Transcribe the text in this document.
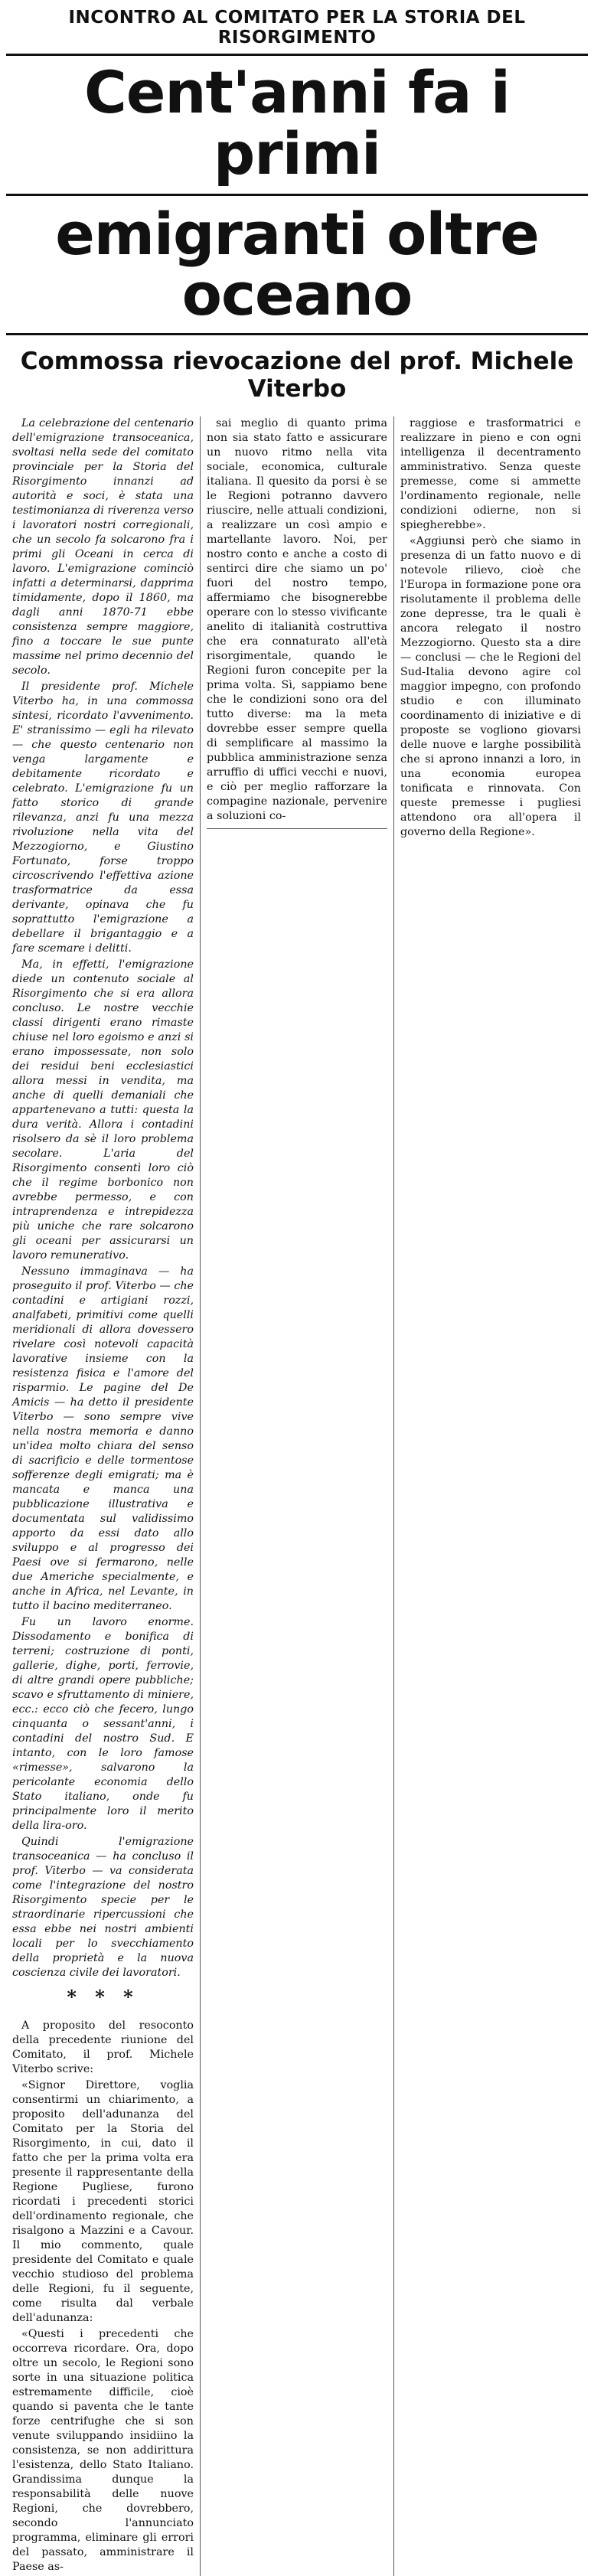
INCONTRO AL COMITATO PER LA STORIA DEL RISORGIMENTO
Cent'anni fa i primi
emigranti oltre oceano
Commossa rievocazione del prof. Michele Viterbo

La celebrazione del centenario dell'emigrazione transoceanica, svoltasi nella sede del comitato provinciale per la Storia del Risorgimento innanzi ad autorità e soci, è stata una testimonianza di riverenza verso i lavoratori nostri corregionali, che un secolo fa solcarono fra i primi gli Oceani in cerca di lavoro. L'emigrazione cominciò infatti a determinarsi, dapprima timidamente, dopo il 1860, ma dagli anni 1870-71 ebbe consistenza sempre maggiore, fino a toccare le sue punte massime nel primo decennio del secolo.

Il presidente prof. Michele Viterbo ha, in una commossa sintesi, ricordato l'avvenimento. E' stranissimo — egli ha rilevato — che questo centenario non venga largamente e debitamente ricordato e celebrato. L'emigrazione fu un fatto storico di grande rilevanza, anzi fu una mezza rivoluzione nella vita del Mezzogiorno, e Giustino Fortunato, forse troppo circoscrivendo l'effettiva azione trasformatrice da essa derivante, opinava che fu soprattutto l'emigrazione a debellare il brigantaggio e a fare scemare i delitti.

Ma, in effetti, l'emigrazione diede un contenuto sociale al Risorgimento che si era allora concluso. Le nostre vecchie classi dirigenti erano rimaste chiuse nel loro egoismo e anzi si erano impossessate, non solo dei residui beni ecclesiastici allora messi in vendita, ma anche di quelli demaniali che appartenevano a tutti: questa la dura verità. Allora i contadini risolsero da sè il loro problema secolare. L'aria del Risorgimento consentì loro ciò che il regime borbonico non avrebbe permesso, e con intraprendenza e intrepidezza più uniche che rare solcarono gli oceani per assicurarsi un lavoro remunerativo.

Nessuno immaginava — ha proseguito il prof. Viterbo — che contadini e artigiani rozzi, analfabeti, primitivi come quelli meridionali di allora dovessero rivelare così notevoli capacità lavorative insieme con la resistenza fisica e l'amore del risparmio. Le pagine del De Amicis — ha detto il presidente Viterbo — sono sempre vive nella nostra memoria e danno un'idea molto chiara del senso di sacrificio e delle tormentose sofferenze degli emigrati; ma è mancata e manca una pubblicazione illustrativa e documentata sul validissimo apporto da essi dato allo sviluppo e al progresso dei Paesi ove si fermarono, nelle due Americhe specialmente, e anche in Africa, nel Levante, in tutto il bacino mediterraneo.

Fu un lavoro enorme. Dissodamento e bonifica di terreni; costruzione di ponti, gallerie, dighe, porti, ferrovie, di altre grandi opere pubbliche; scavo e sfruttamento di miniere, ecc.: ecco ciò che fecero, lungo cinquanta o sessant'anni, i contadini del nostro Sud. E intanto, con le loro famose «rimesse», salvarono la pericolante economia dello Stato italiano, onde fu principalmente loro il merito della lira-oro.

Quindi l'emigrazione transoceanica — ha concluso il prof. Viterbo — va considerata come l'integrazione del nostro Risorgimento specie per le straordinarie ripercussioni che essa ebbe nei nostri ambienti locali per lo svecchiamento della proprietà e la nuova coscienza civile dei lavoratori.

* * *

A proposito del resoconto della precedente riunione del Comitato, il prof. Michele Viterbo scrive:

«Signor Direttore, voglia consentirmi un chiarimento, a proposito dell'adunanza del Comitato per la Storia del Risorgimento, in cui, dato il fatto che per la prima volta era presente il rappresentante della Regione Pugliese, furono ricordati i precedenti storici dell'ordinamento regionale, che risalgono a Mazzini e a Cavour. Il mio commento, quale presidente del Comitato e quale vecchio studioso del problema delle Regioni, fu il seguente, come risulta dal verbale dell'adunanza:

«Questi i precedenti che occorreva ricordare. Ora, dopo oltre un secolo, le Regioni sono sorte in una situazione politica estremamente difficile, cioè quando si paventa che le tante forze centrifughe che si son venute sviluppando insidiino la consistenza, se non addirittura l'esistenza, dello Stato Italiano. Grandissima dunque la responsabilità delle nuove Regioni, che dovrebbero, secondo l'annunciato programma, eliminare gli errori del passato, amministrare il Paese as-

sai meglio di quanto prima non sia stato fatto e assicurare un nuovo ritmo nella vita sociale, economica, culturale italiana. Il quesito da porsi è se le Regioni potranno davvero riuscire, nelle attuali condizioni, a realizzare un così ampio e martellante lavoro. Noi, per nostro conto e anche a costo di sentirci dire che siamo un po' fuori del nostro tempo, affermiamo che bisognerebbe operare con lo stesso vivificante anelito di italianità costruttiva che era connaturato all'età risorgimentale, quando le Regioni furon concepite per la prima volta. Sì, sappiamo bene che le condizioni sono ora del tutto diverse: ma la meta dovrebbe esser sempre quella di semplificare al massimo la pubblica amministrazione senza arruffio di uffici vecchi e nuovi, e ciò per meglio rafforzare la compagine nazionale, pervenire a soluzioni co-

raggiose e trasformatrici e realizzare in pieno e con ogni intelligenza il decentramento amministrativo. Senza queste premesse, come si ammette l'ordinamento regionale, nelle condizioni odierne, non si spiegherebbe».

«Aggiunsi però che siamo in presenza di un fatto nuovo e di notevole rilievo, cioè che l'Europa in formazione pone ora risolutamente il problema delle zone depresse, tra le quali è ancora relegato il nostro Mezzogiorno. Questo sta a dire — conclusi — che le Regioni del Sud-Italia devono agire col maggior impegno, con profondo studio e con illuminato coordinamento di iniziative e di proposte se vogliono giovarsi delle nuove e larghe possibilità che si aprono innanzi a loro, in una economia europea tonificata e rinnovata. Con queste premesse i pugliesi attendono ora all'opera il governo della Regione».
